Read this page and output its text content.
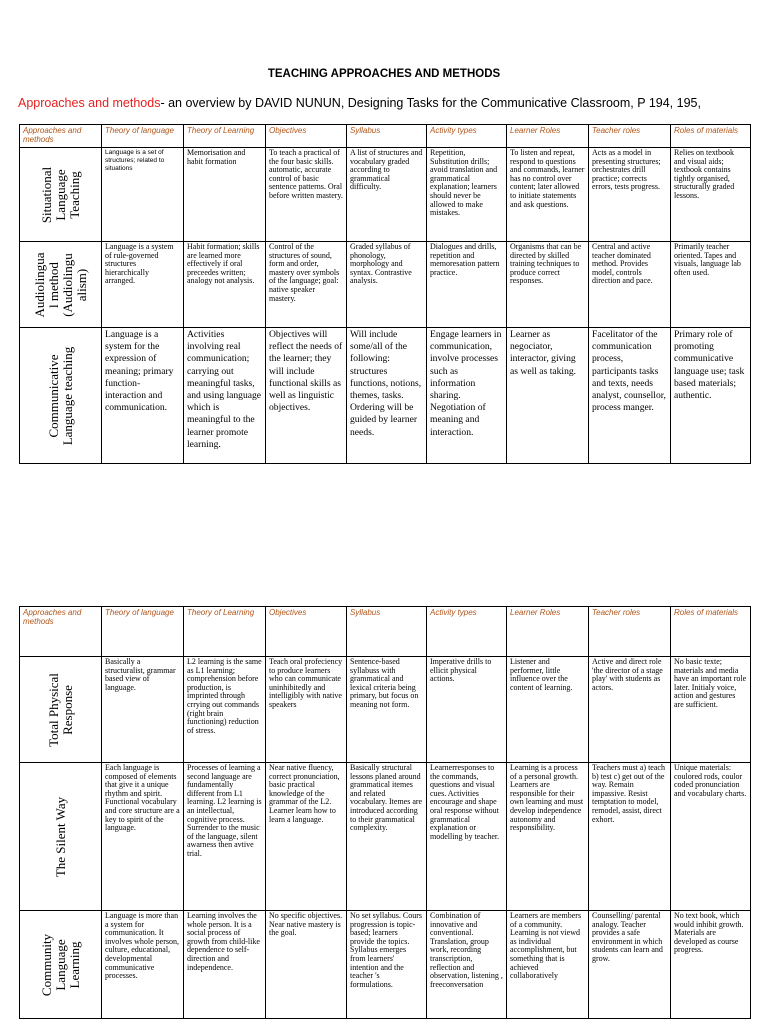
TEACHING APPROACHES AND METHODS
Approaches and methods- an overview by DAVID NUNUN, Designing Tasks for the Communicative Classroom, P 194, 195,
Approaches and methods	Theory of language	Theory of Learning	Objectives	Syllabus	Activity types	Learner Roles	Teacher roles	Roles of materials

Situational Language Teaching	Language is a set of structures; related to situations	Memorisation and habit formation	To teach a practical of the four basic skills. automatic, accurate control of basic sentence patterns. Oral before written mastery.	A list of structures and vocabulary graded according to grammatical difficulty.	Repetition, Substitution drills; avoid translation and grammatical explanation; learners should never be allowed to make mistakes.	To listen and repeat, respond to questions and commands, learner has no control over content; later allowed to initiate statements and ask questions.	Acts as a model in presenting structures; orchestrates drill practice; corrects errors, tests progress.	Relies on textbook and visual aids; textbook contains tightly organised, structurally graded lessons.

Audiolingua l method (Audiolingu alism)	Language is a system of rule-governed structures hierarchically arranged.	Habit formation; skills are learned more effectively if oral preceedes written; analogy not analysis.	Control of the structures of sound, form and order, mastery over symbols of the language; goal: native speaker mastery.	Graded syllabus of phonology, morphology and syntax. Contrastive analysis.	Dialogues and drills, repetition and memoresation pattern practice.	Organisms that can be directed by skilled training techniques to produce correct responses.	Central and active teacher dominated method. Provides model, controls direction and pace.	Primarily teacher oriented. Tapes and visuals, language lab often used.

Communicative Language teaching	Language is a system for the expression of meaning; primary function-interaction and communication.	Activities involving real communication; carrying out meaningful tasks, and using language which is meaningful to the learner promote learning.	Objectives will reflect the needs of the learner; they will include functional skills as well as linguistic objectives.	Will include some/all of the following: structures functions, notions, themes, tasks. Ordering will be guided by learner needs.	Engage learners in communication, involve processes such as information sharing. Negotiation of meaning and interaction.	Learner as negociator, interactor, giving as well as taking.	Facelitator of the communication process, participants tasks and texts, needs analyst, counsellor, process manger.	Primary role of promoting communicative language use; task based materials; authentic.
Approaches and methods	Theory of language	Theory of Learning	Objectives	Syllabus	Activity types	Learner Roles	Teacher roles	Roles of materials

Total Physical Response	Basically a structuralist, grammar based view of language.	L2 learning is the same as L1 learning; comprehension before production, is imprinted through crrying out commands (right brain functioning) reduction of stress.	Teach oral profeciency to produce learners who can communicate uninhibitedly and intelligibly with native speakers	Sentence-based syllabuss with grammatical and lexical criteria being primary, but focus on meaning not form.	Imperative drills to ellicit physical actions.	Listener and performer, little influence over the content of learning.	Active and direct role 'the director of a stage play' with students as actors.	No basic texte; materials and media have an important role later. Initialy voice, action and gestures are sufficient.

The Silent Way	Each language is composed of elements that give it a unique rhythm and spirit. Functional vocabulary and core structure are a key to spirit of the language.	Processes of learning a second language are fundamentally different from L1 learning. L2 learning is an intellectual, cognitive process. Surrender to the music of the language, silent awarness then avtive trial.	Near native fluency, correct pronunciation, basic practical knowledge of the grammar of the L2. Learner learn how to learn a language.	Basically structural lessons planed around grammatical itemes and related vocabulary. Itemes are introduced according to their grammatical complexity.	Learnerresponses to the commands, questions and visual cues. Activities encourage and shape oral response without grammatical explanation or modelling by teacher.	Learning is a process of a personal growth. Learners are responsible for their own learning and must develop independence autonomy and responsibility.	Teachers must a) teach b) test c) get out of the way. Remain impassive. Resist temptation to model, remodel, assist, direct exhort.	Unique materials: coulored rods, coulor coded pronunciation and vocabulary charts.

Community Language Learning	Language is more than a system for communication. It involves whole person, culture, educational, developmental communicative processes.	Learning involves the whole person. It is a social process of growth from child-like dependence to self-direction and independence.	No specific objectives. Near native mastery is the goal.	No set syllabus. Cours progression is topic-based; learners provide the topics. Syllabus emerges from learners' intention and the teacher 's formulations.	Combination of innovative and conventional. Translation, group work, recording transcription, reflection and observation, listening , freeconversation	Learners are members of a community. Learning is not viewd as individual accomplishment, but something that is achieved collaboratively	Counselling/ parental analogy. Teacher provides a safe environment in which students can learn and grow.	No text book, which would inhibit growth. Materials are developed as course progress.
